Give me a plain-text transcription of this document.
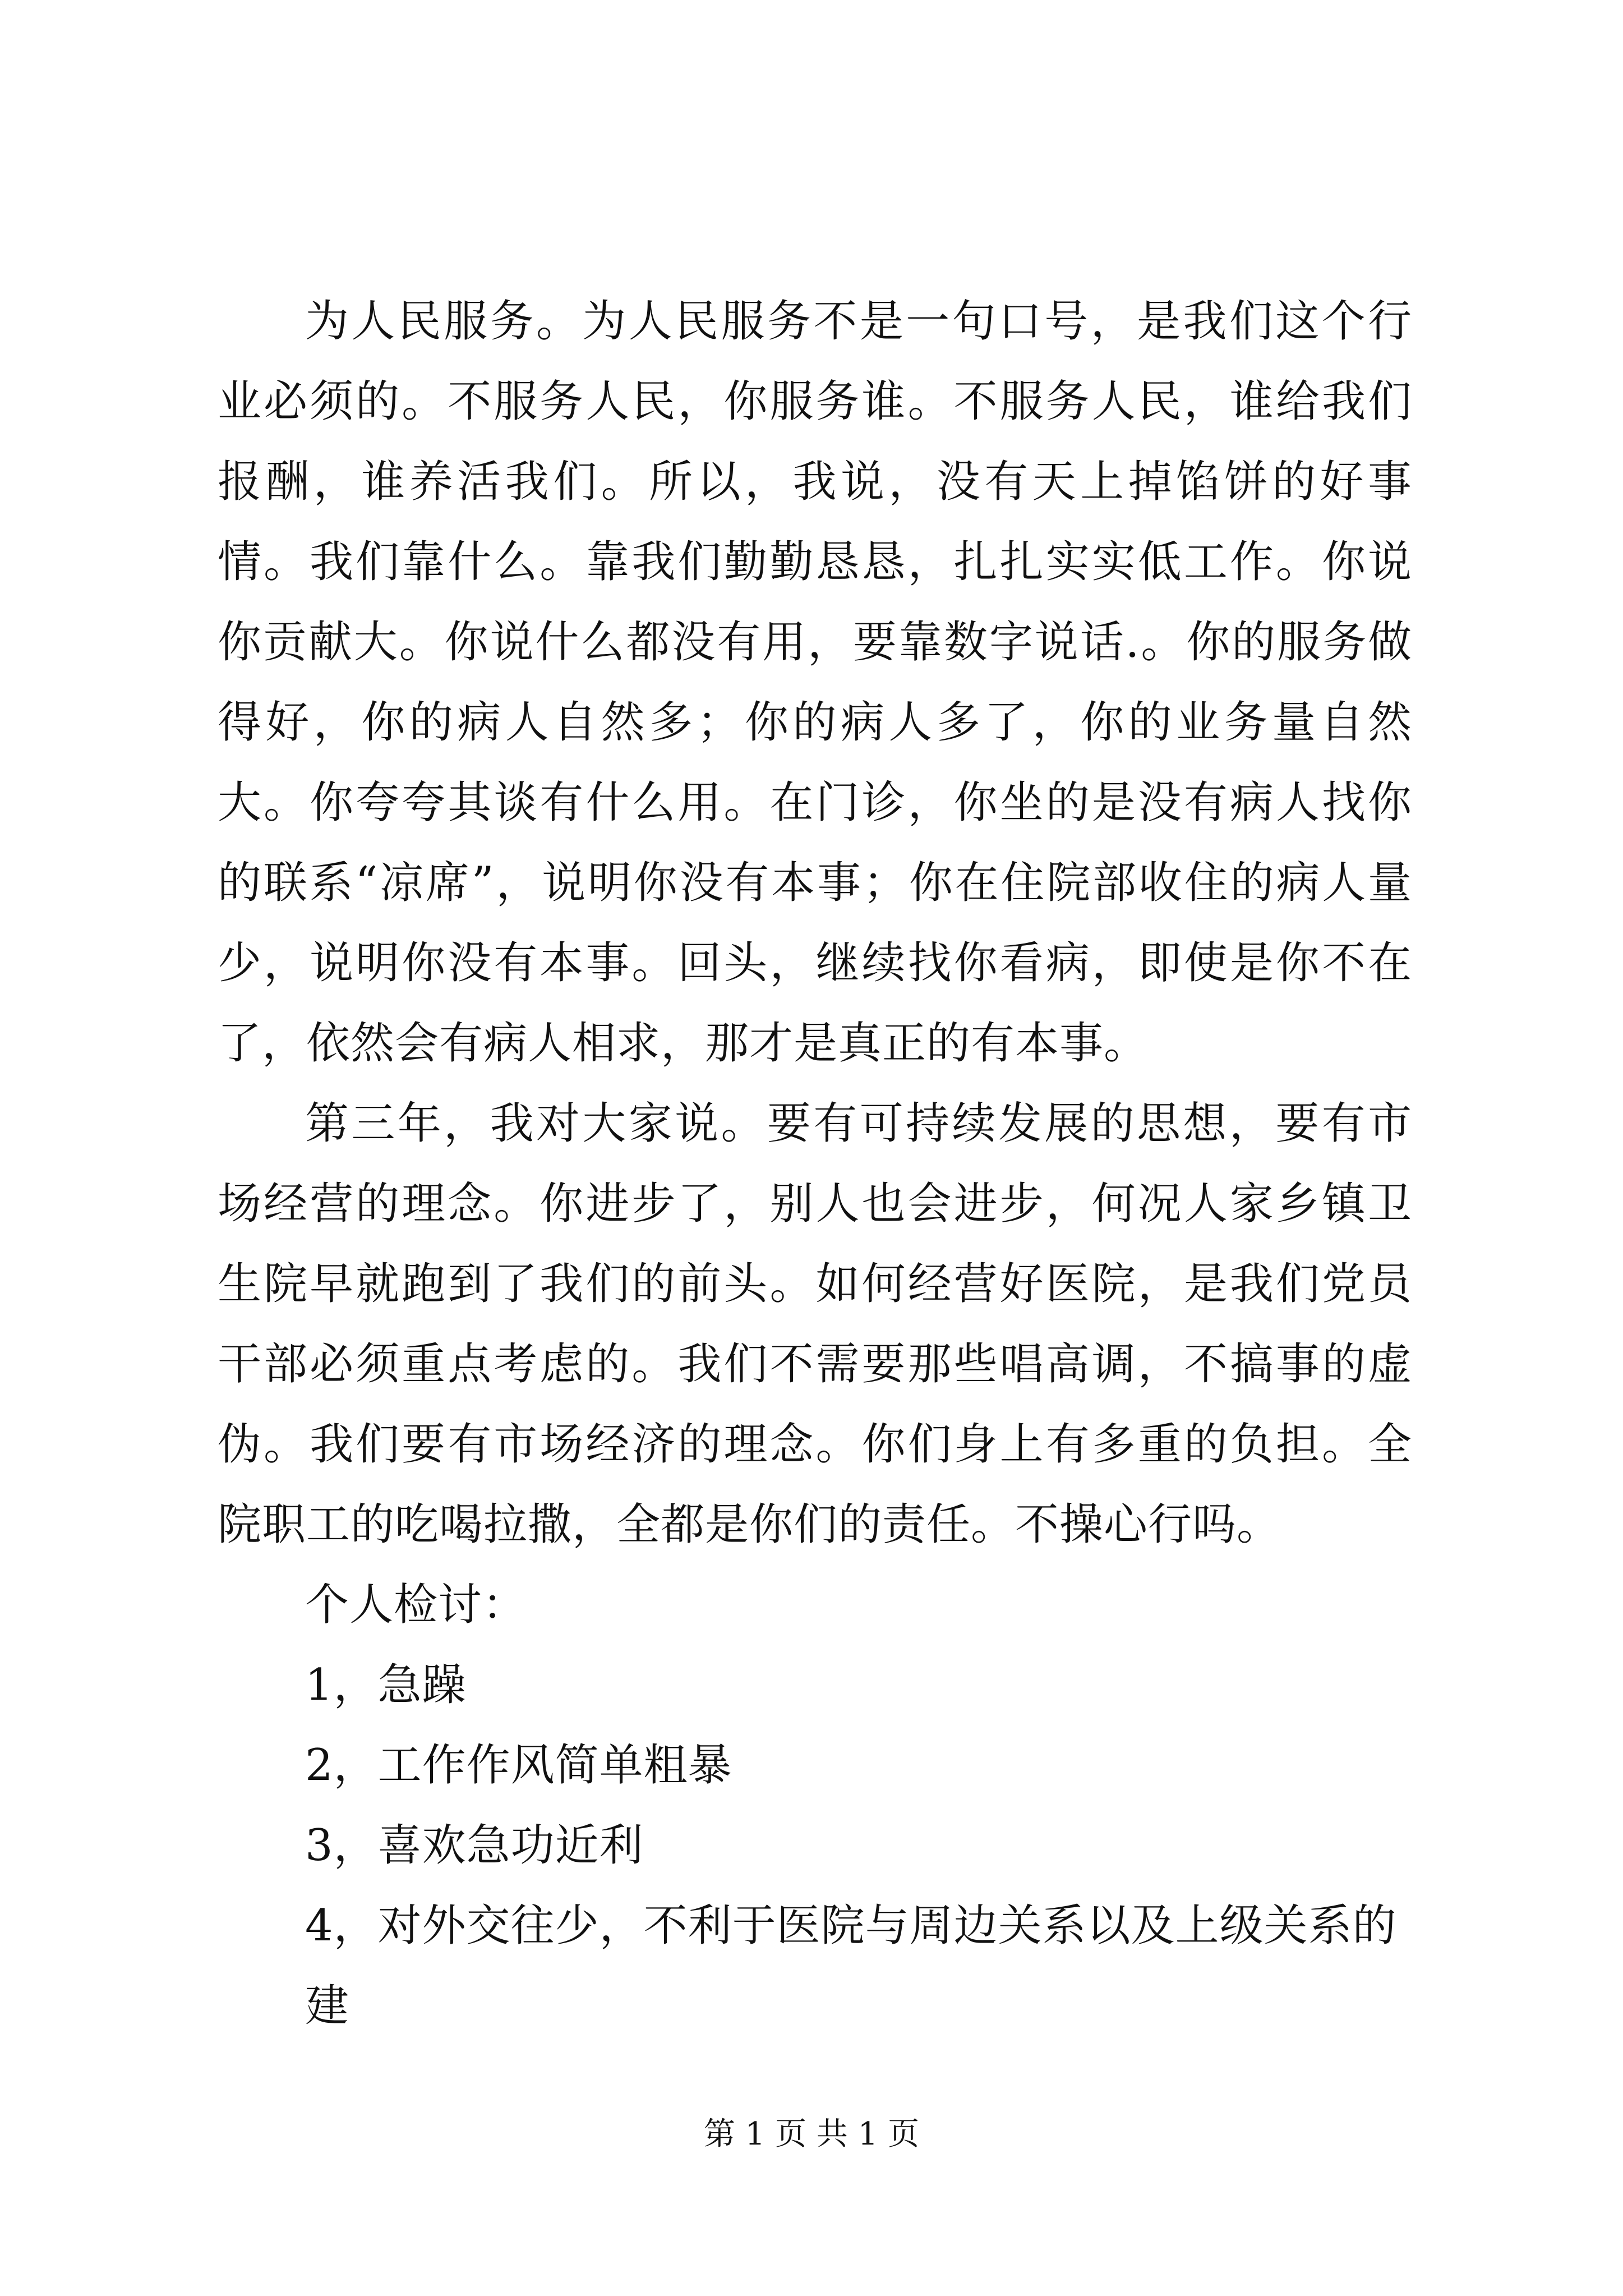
为人民服务。为人民服务不是一句口号，是我们这个行业必须的。不服务人民，你服务谁。不服务人民，谁给我们报酬，谁养活我们。所以，我说，没有天上掉馅饼的好事情。我们靠什么。靠我们勤勤恳恳，扎扎实实低工作。你说你贡献大。你说什么都没有用，要靠数字说话.。你的服务做得好，你的病人自然多；你的病人多了，你的业务量自然大。你夸夸其谈有什么用。在门诊，你坐的是没有病人找你的联系“凉席”，说明你没有本事；你在住院部收住的病人量少，说明你没有本事。回头，继续找你看病，即使是你不在了，依然会有病人相求，那才是真正的有本事。

第三年，我对大家说。要有可持续发展的思想，要有市场经营的理念。你进步了，别人也会进步，何况人家乡镇卫生院早就跑到了我们的前头。如何经营好医院，是我们党员干部必须重点考虑的。我们不需要那些唱高调，不搞事的虚伪。我们要有市场经济的理念。你们身上有多重的负担。全院职工的吃喝拉撒，全都是你们的责任。不操心行吗。

个人检讨：

1，急躁

2，工作作风简单粗暴

3，喜欢急功近利

4，对外交往少，不利于医院与周边关系以及上级关系的建

第 1 页 共 1 页
